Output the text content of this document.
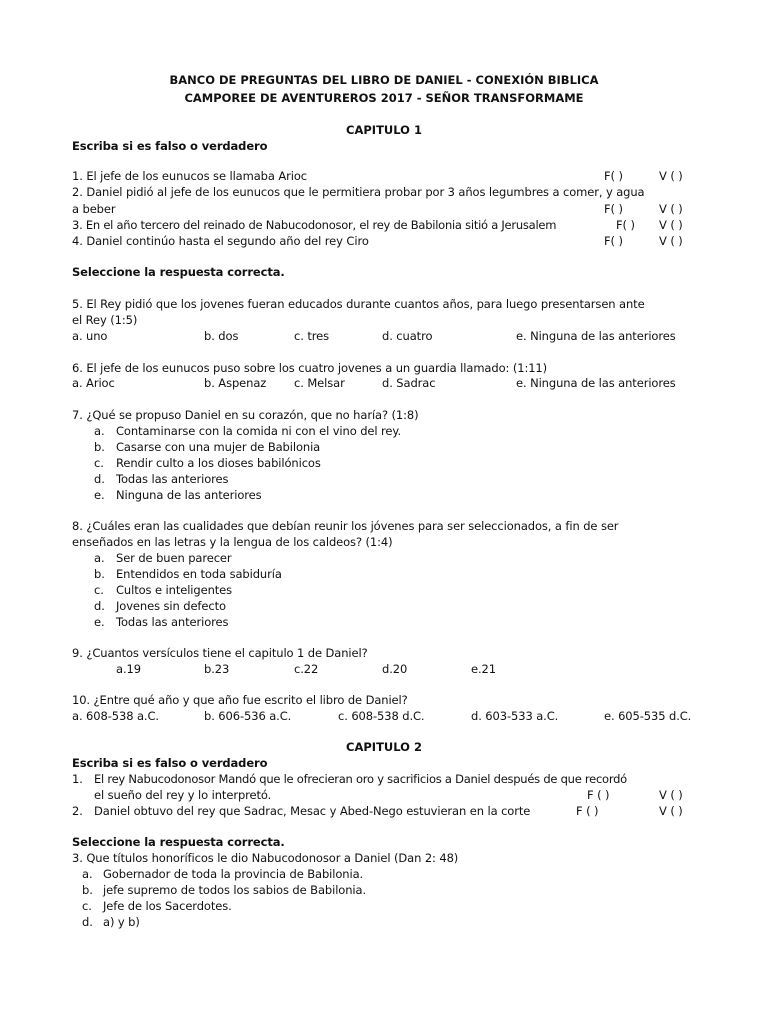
BANCO DE PREGUNTAS DEL LIBRO DE DANIEL - CONEXIÓN BIBLICA
CAMPOREE DE AVENTUREROS 2017 - SEÑOR TRANSFORMAME
CAPITULO 1
Escriba si es falso o verdadero
1. El jefe de los eunucos se llamaba Arioc	F( )	V ( )
2. Daniel pidió al jefe de los eunucos que le permitiera probar por 3 años legumbres a comer, y agua
a beber	F( )	V ( )
3. En el año tercero del reinado de Nabucodonosor, el rey de Babilonia sitió a Jerusalem	F( ) V ( )
4. Daniel continúo hasta el segundo año del rey Ciro	F( )	V ( )
Seleccione la respuesta correcta.
5. El Rey pidió que los jovenes fueran educados durante cuantos años, para luego presentarsen ante
el Rey (1:5)
a. uno	b. dos	c. tres	d. cuatro	e. Ninguna de las anteriores
6. El jefe de los eunucos puso sobre los cuatro jovenes a un guardia llamado: (1:11)
a. Arioc	b. Aspenaz c. Melsar	d. Sadrac	e. Ninguna de las anteriores
7. ¿Qué se propuso Daniel en su corazón, que no haría? (1:8)
a. Contaminarse con la comida ni con el vino del rey.
b. Casarse con una mujer de Babilonia
c. Rendir culto a los dioses babilónicos
d. Todas las anteriores
e. Ninguna de las anteriores
8. ¿Cuáles eran las cualidades que debían reunir los jóvenes para ser seleccionados, a fin de ser
enseñados en las letras y la lengua de los caldeos? (1:4)
a. Ser de buen parecer
b. Entendidos en toda sabiduría
c. Cultos e inteligentes
d. Jovenes sin defecto
e. Todas las anteriores
9. ¿Cuantos versículos tiene el capitulo 1 de Daniel?
a.19	b.23	c.22	d.20	e.21
10. ¿Entre qué año y que año fue escrito el libro de Daniel?
a. 608-538 a.C.	b. 606-536 a.C.	c. 608-538 d.C.	d. 603-533 a.C.	e. 605-535 d.C.
CAPITULO 2
Escriba si es falso o verdadero
1. El rey Nabucodonosor Mandó que le ofrecieran oro y sacrificios a Daniel después de que recordó
el sueño del rey y lo interpretó.	F ( )	V ( )
2. Daniel obtuvo del rey que Sadrac, Mesac y Abed-Nego estuvieran en la corte	F ( )	V ( )
Seleccione la respuesta correcta.
3. Que títulos honoríficos le dio Nabucodonosor a Daniel (Dan 2: 48)
a. Gobernador de toda la provincia de Babilonia.
b. jefe supremo de todos los sabios de Babilonia.
c. Jefe de los Sacerdotes.
d. a) y b)
